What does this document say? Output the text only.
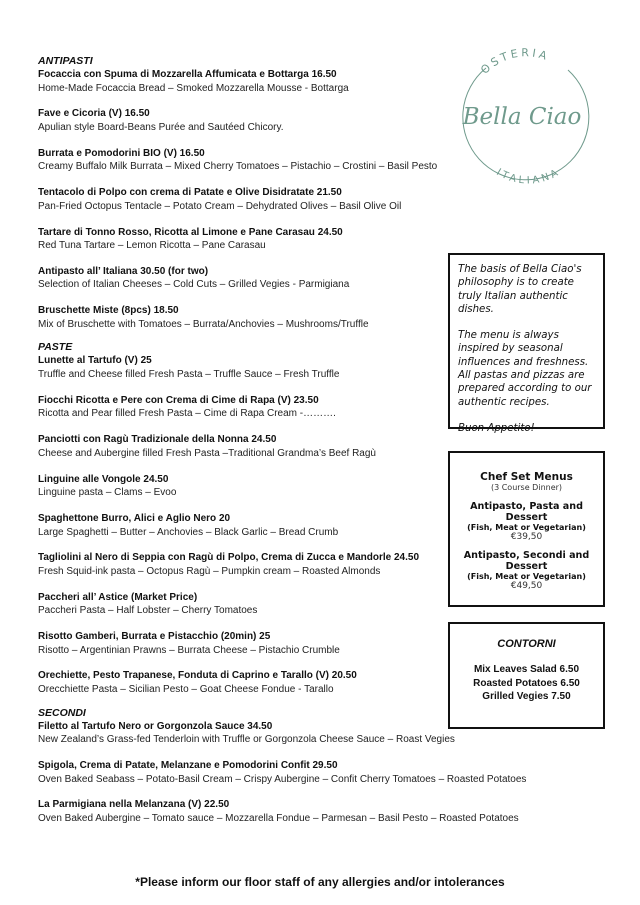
ANTIPASTI
Focaccia con Spuma di Mozzarella Affumicata e Bottarga 16.50
Home-Made Focaccia Bread – Smoked Mozzarella Mousse - Bottarga
Fave e Cicoria (V) 16.50
Apulian style Board-Beans Purée and Sautéed Chicory.
Burrata e Pomodorini BIO (V) 16.50
Creamy Buffalo Milk Burrata – Mixed Cherry Tomatoes – Pistachio – Crostini – Basil Pesto
Tentacolo di Polpo con crema di Patate e Olive Disidratate 21.50
Pan-Fried Octopus Tentacle – Potato Cream – Dehydrated Olives – Basil Olive Oil
Tartare di Tonno Rosso, Ricotta al Limone e Pane Carasau 24.50
Red Tuna Tartare – Lemon Ricotta – Pane Carasau
Antipasto all’ Italiana 30.50 (for two)
Selection of Italian Cheeses – Cold Cuts – Grilled Vegies - Parmigiana
Bruschette Miste (8pcs) 18.50
Mix of Bruschette with Tomatoes – Burrata/Anchovies – Mushrooms/Truffle
PASTE
Lunette al Tartufo (V) 25
Truffle and Cheese filled Fresh Pasta – Truffle Sauce – Fresh Truffle
Fiocchi Ricotta e Pere con Crema di Cime di Rapa (V) 23.50
Ricotta and Pear filled Fresh Pasta – Cime di Rapa Cream -……….
Panciotti con Ragù Tradizionale della Nonna 24.50
Cheese and Aubergine filled Fresh Pasta –Traditional Grandma’s Beef Ragù
Linguine alle Vongole 24.50
Linguine pasta – Clams – Evoo
Spaghettone Burro, Alici e Aglio Nero 20
Large Spaghetti – Butter – Anchovies – Black Garlic – Bread Crumb
Tagliolini al Nero di Seppia con Ragù di Polpo, Crema di Zucca e Mandorle 24.50
Fresh Squid-ink pasta – Octopus Ragù – Pumpkin cream – Roasted Almonds
Paccheri all’ Astice (Market Price)
Paccheri Pasta – Half Lobster – Cherry Tomatoes
Risotto Gamberi, Burrata e Pistacchio (20min) 25
Risotto – Argentinian Prawns – Burrata Cheese – Pistachio Crumble
Orechiette, Pesto Trapanese, Fonduta di Caprino e Tarallo (V) 20.50
Orecchiette Pasta – Sicilian Pesto – Goat Cheese Fondue - Tarallo
SECONDI
Filetto al Tartufo Nero or Gorgonzola Sauce 34.50
New Zealand’s Grass-fed Tenderloin with Truffle or Gorgonzola Cheese Sauce – Roast Vegies
Spigola, Crema di Patate, Melanzane e Pomodorini Confit 29.50
Oven Baked Seabass – Potato-Basil Cream – Crispy Aubergine – Confit Cherry Tomatoes – Roasted Potatoes
La Parmigiana nella Melanzana (V) 22.50
Oven Baked Aubergine – Tomato sauce – Mozzarella Fondue – Parmesan – Basil Pesto – Roasted Potatoes
OSTERIA
Bella Ciao
ITALIANA

The basis of Bella Ciao's philosophy is to create truly Italian authentic dishes.

The menu is always inspired by seasonal influences and freshness. All pastas and pizzas are prepared according to our authentic recipes.

Buon Appetito!

Chef Set Menus
(3 Course Dinner)
Antipasto, Pasta and Dessert
(Fish, Meat or Vegetarian)
€39,50
Antipasto, Secondi and Dessert
(Fish, Meat or Vegetarian)
€49,50
CONTORNI
Mix Leaves Salad 6.50
Roasted Potatoes 6.50
Grilled Vegies 7.50
*Please inform our floor staff of any allergies and/or intolerances
